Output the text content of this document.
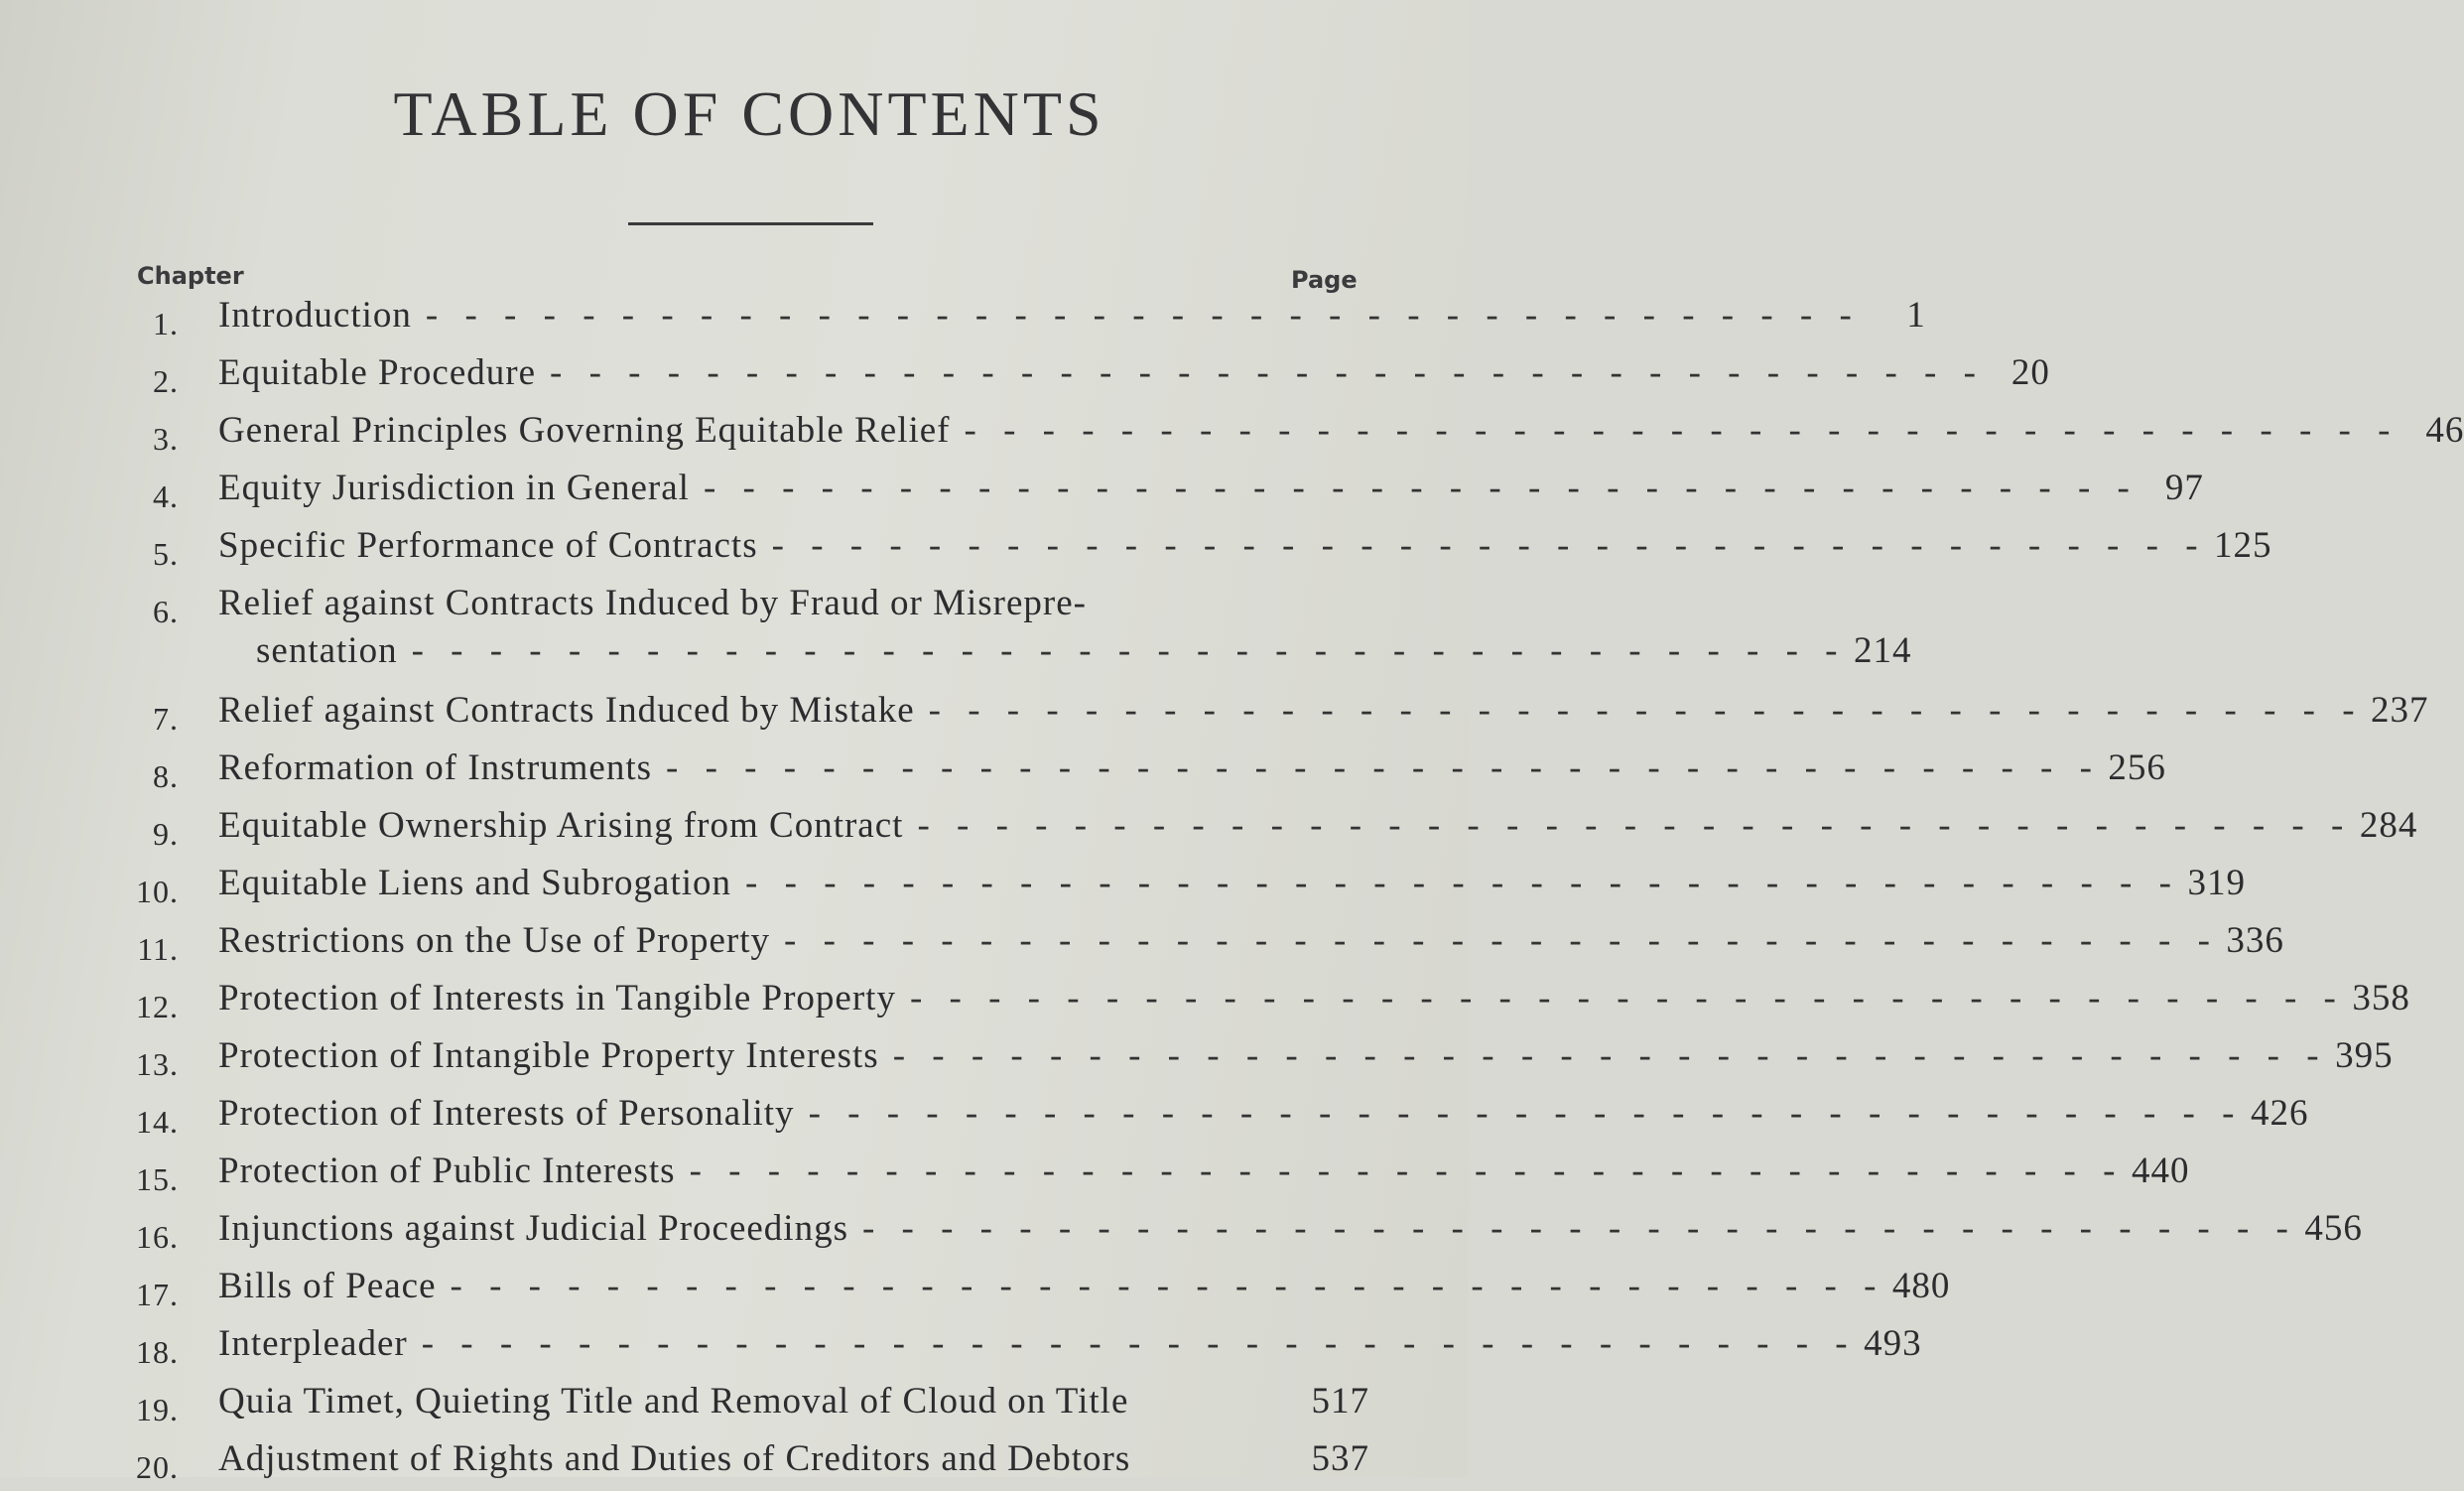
TABLE OF CONTENTS
Chapter	Page
1. Introduction - - - - - - - - - - - - - - - - - - - - - - - - - - - - - - - - - - - - -	1
2. Equitable Procedure - - - - - - - - - - - - - - - - - - - - - - - - - - - - - - - - - - - - - 20
3. General Principles Governing Equitable Relief - - - - - - - - - - - - - - - - - - - - - - - - - - - - - - - - - - - - - 46
4. Equity Jurisdiction in General - - - - - - - - - - - - - - - - - - - - - - - - - - - - - - - - - - - - - 97
5. Specific Performance of Contracts - - - - - - - - - - - - - - - - - - - - - - - - - - - - - - - - - - - - - 125
6. Relief against Contracts Induced by Fraud or Misrepre-
sentation - - - - - - - - - - - - - - - - - - - - - - - - - - - - - - - - - - - - - 214
7. Relief against Contracts Induced by Mistake - - - - - - - - - - - - - - - - - - - - - - - - - - - - - - - - - - - - - 237
8. Reformation of Instruments - - - - - - - - - - - - - - - - - - - - - - - - - - - - - - - - - - - - - 256
9. Equitable Ownership Arising from Contract - - - - - - - - - - - - - - - - - - - - - - - - - - - - - - - - - - - - - 284
10. Equitable Liens and Subrogation - - - - - - - - - - - - - - - - - - - - - - - - - - - - - - - - - - - - - 319
11. Restrictions on the Use of Property - - - - - - - - - - - - - - - - - - - - - - - - - - - - - - - - - - - - - 336
12. Protection of Interests in Tangible Property - - - - - - - - - - - - - - - - - - - - - - - - - - - - - - - - - - - - - 358
13. Protection of Intangible Property Interests - - - - - - - - - - - - - - - - - - - - - - - - - - - - - - - - - - - - - 395
14. Protection of Interests of Personality - - - - - - - - - - - - - - - - - - - - - - - - - - - - - - - - - - - - - 426
15. Protection of Public Interests - - - - - - - - - - - - - - - - - - - - - - - - - - - - - - - - - - - - - 440
16. Injunctions against Judicial Proceedings - - - - - - - - - - - - - - - - - - - - - - - - - - - - - - - - - - - - - 456
17. Bills of Peace - - - - - - - - - - - - - - - - - - - - - - - - - - - - - - - - - - - - - 480
18. Interpleader - - - - - - - - - - - - - - - - - - - - - - - - - - - - - - - - - - - - - 493
19. Quia Timet, Quieting Title and Removal of Cloud on Title	517
20. Adjustment of Rights and Duties of Creditors and Debtors	537
